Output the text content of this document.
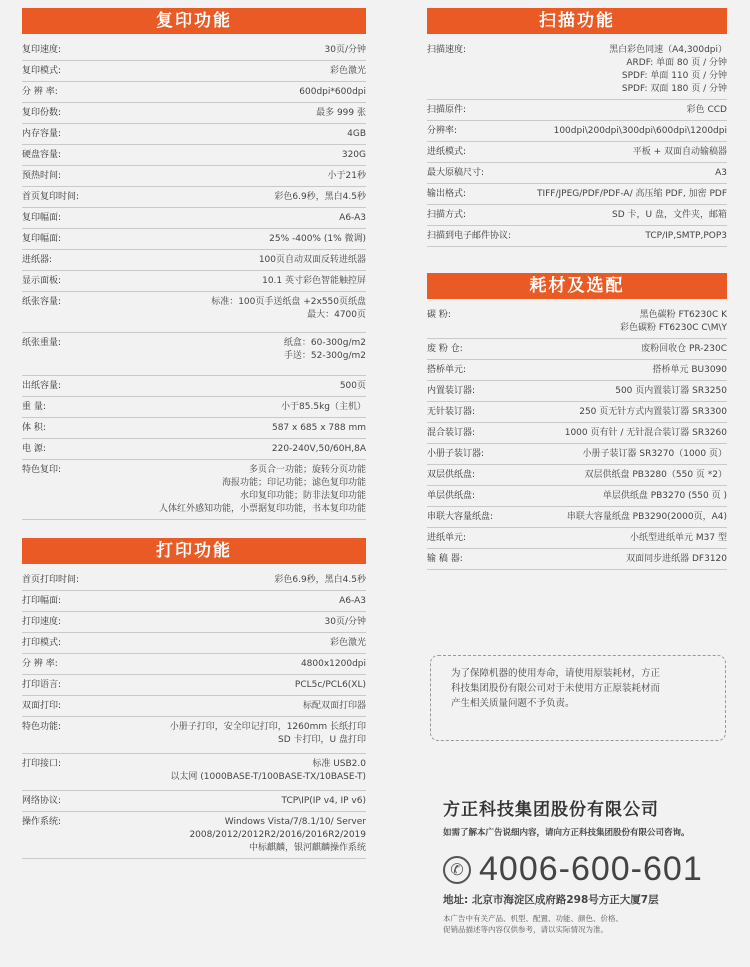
复印功能
复印速度:	30页/分钟
复印模式:	彩色激光
分 辨 率:	600dpi*600dpi
复印份数:	最多 999 张
内存容量:	4GB
硬盘容量:	320G
预热时间:	小于21秒
首页复印时间:	彩色6.9秒，黑白4.5秒
复印幅面:	A6-A3
复印幅面:	25% -400% (1% 微调)
进纸器:	100页自动双面反转进纸器
显示面板:	10.1 英寸彩色智能触控屏
纸张容量:	标准：100页手送纸盘 +2x550页纸盘
最大：4700页
纸张重量:	纸盒：60-300g/m2
手送：52-300g/m2
出纸容量:	500页
重 量:	小于85.5kg（主机）
体 积:	587 x 685 x 788 mm
电 源:	220-240V,50/60H,8A
特色复印:	多页合一功能；旋转分页功能
海报功能；印记功能；滤色复印功能
水印复印功能；防非法复印功能
人体红外感知功能，小票据复印功能，书本复印功能
打印功能
首页打印时间:	彩色6.9秒，黑白4.5秒
打印幅面:	A6-A3
打印速度:	30页/分钟
打印模式:	彩色激光
分 辨 率:	4800x1200dpi
打印语言:	PCL5c/PCL6(XL)
双面打印:	标配双面打印器
特色功能:	小册子打印，安全印记打印，1260mm 长纸打印
SD 卡打印，U 盘打印
打印接口:	标准 USB2.0
以太网 (1000BASE-T/100BASE-TX/10BASE-T)
网络协议:	TCP\IP(IP v4, IP v6)
操作系统:	Windows Vista/7/8.1/10/ Server
2008/2012/2012R2/2016/2016R2/2019
中标麒麟，银河麒麟操作系统
扫描功能
扫描速度:	黑白彩色同速（A4,300dpi）
ARDF: 单面 80 页 / 分钟
SPDF: 单面 110 页 / 分钟
SPDF: 双面 180 页 / 分钟
扫描原件:	彩色 CCD
分辨率:	100dpi\200dpi\300dpi\600dpi\1200dpi
进纸模式:	平板 + 双面自动输稿器
最大原稿尺寸:	A3
输出格式:	TIFF/JPEG/PDF/PDF-A/ 高压缩 PDF, 加密 PDF
扫描方式:	SD 卡，U 盘，文件夹，邮箱
扫描到电子邮件协议:	TCP/IP,SMTP,POP3
耗材及选配
碳 粉:	黑色碳粉 FT6230C K
彩色碳粉 FT6230C C\M\Y
废 粉 仓:	废粉回收仓 PR-230C
搭桥单元:	搭桥单元 BU3090
内置装订器:	500 页内置装订器 SR3250
无针装订器:	250 页无针方式内置装订器 SR3300
混合装订器:	1000 页有针 / 无针混合装订器 SR3260
小册子装订器:	小册子装订器 SR3270（1000 页）
双层供纸盘:	双层供纸盘 PB3280（550 页 *2）
单层供纸盘:	单层供纸盘 PB3270 (550 页 )
串联大容量纸盘:	串联大容量纸盘 PB3290(2000页，A4)
进纸单元:	小纸型进纸单元 M37 型
输 稿 器:	双面同步进纸器 DF3120
为了保障机器的使用寿命，请使用原装耗材，方正
科技集团股份有限公司对于未使用方正原装耗材而
产生相关质量问题不予负责。
方正科技集团股份有限公司
如需了解本广告说细内容，请向方正科技集团股份有限公司咨询。
✆ 4006-600-601
地址: 北京市海淀区成府路298号方正大厦7层
本广告中有关产品、机型、配置、功能、颜色、价格、
促销品描述等内容仅供参考，请以实际情况为准。
